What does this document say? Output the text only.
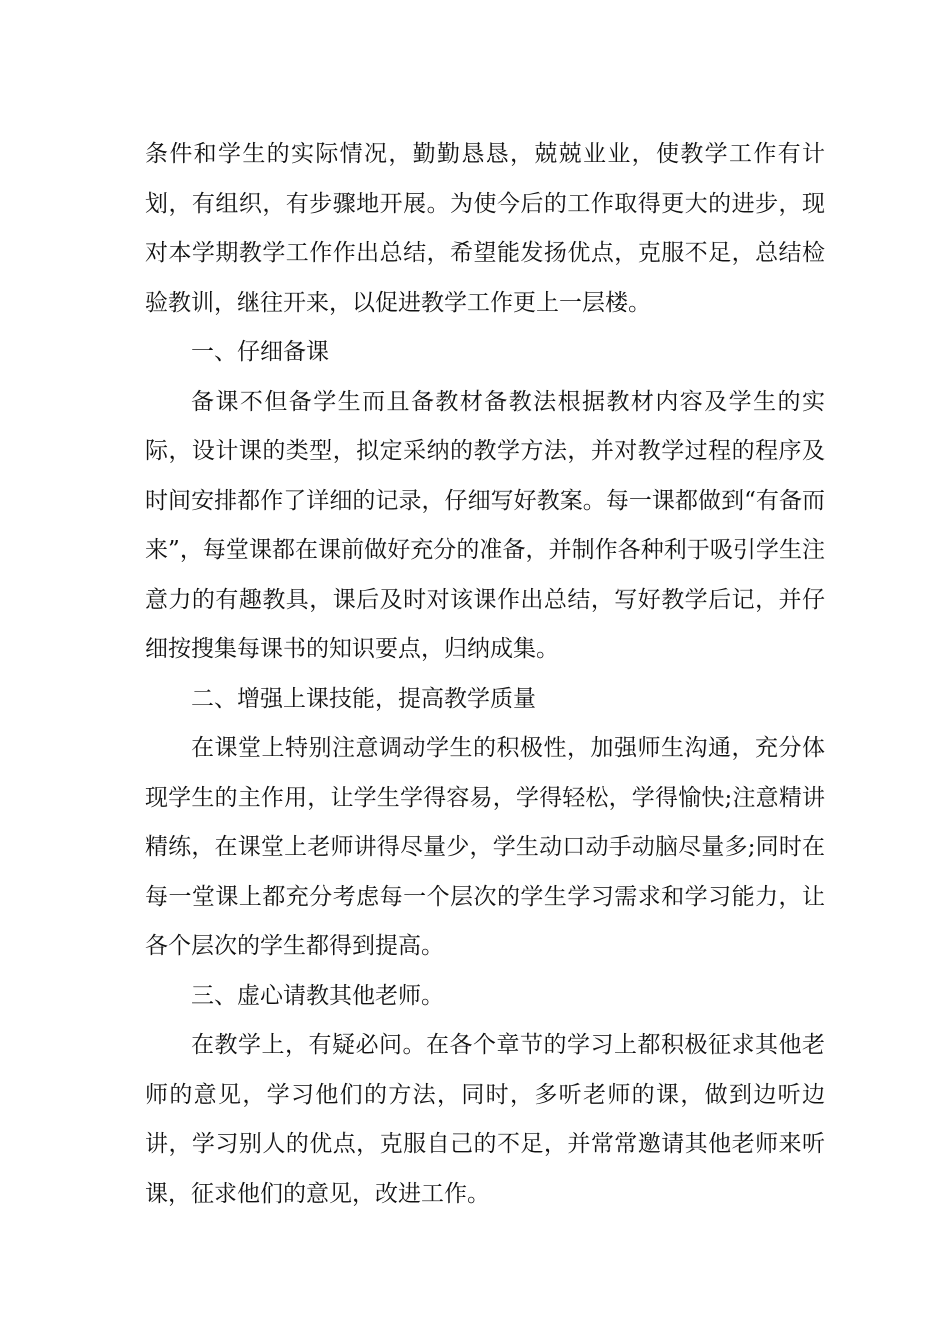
条件和学生的实际情况，勤勤恳恳，兢兢业业，使教学工作有计划，有组织，有步骤地开展。为使今后的工作取得更大的进步，现对本学期教学工作作出总结，希望能发扬优点，克服不足，总结检验教训，继往开来，以促进教学工作更上一层楼。

一、仔细备课

备课不但备学生而且备教材备教法根据教材内容及学生的实际，设计课的类型，拟定采纳的教学方法，并对教学过程的程序及时间安排都作了详细的记录，仔细写好教案。每一课都做到“有备而来”，每堂课都在课前做好充分的准备，并制作各种利于吸引学生注意力的有趣教具，课后及时对该课作出总结，写好教学后记，并仔细按搜集每课书的知识要点，归纳成集。

二、增强上课技能，提高教学质量

在课堂上特别注意调动学生的积极性，加强师生沟通，充分体现学生的主作用，让学生学得容易，学得轻松，学得愉快;注意精讲精练，在课堂上老师讲得尽量少，学生动口动手动脑尽量多;同时在每一堂课上都充分考虑每一个层次的学生学习需求和学习能力，让各个层次的学生都得到提高。

三、虚心请教其他老师。

在教学上，有疑必问。在各个章节的学习上都积极征求其他老师的意见，学习他们的方法，同时，多听老师的课，做到边听边讲，学习别人的优点，克服自己的不足，并常常邀请其他老师来听课，征求他们的意见，改进工作。
